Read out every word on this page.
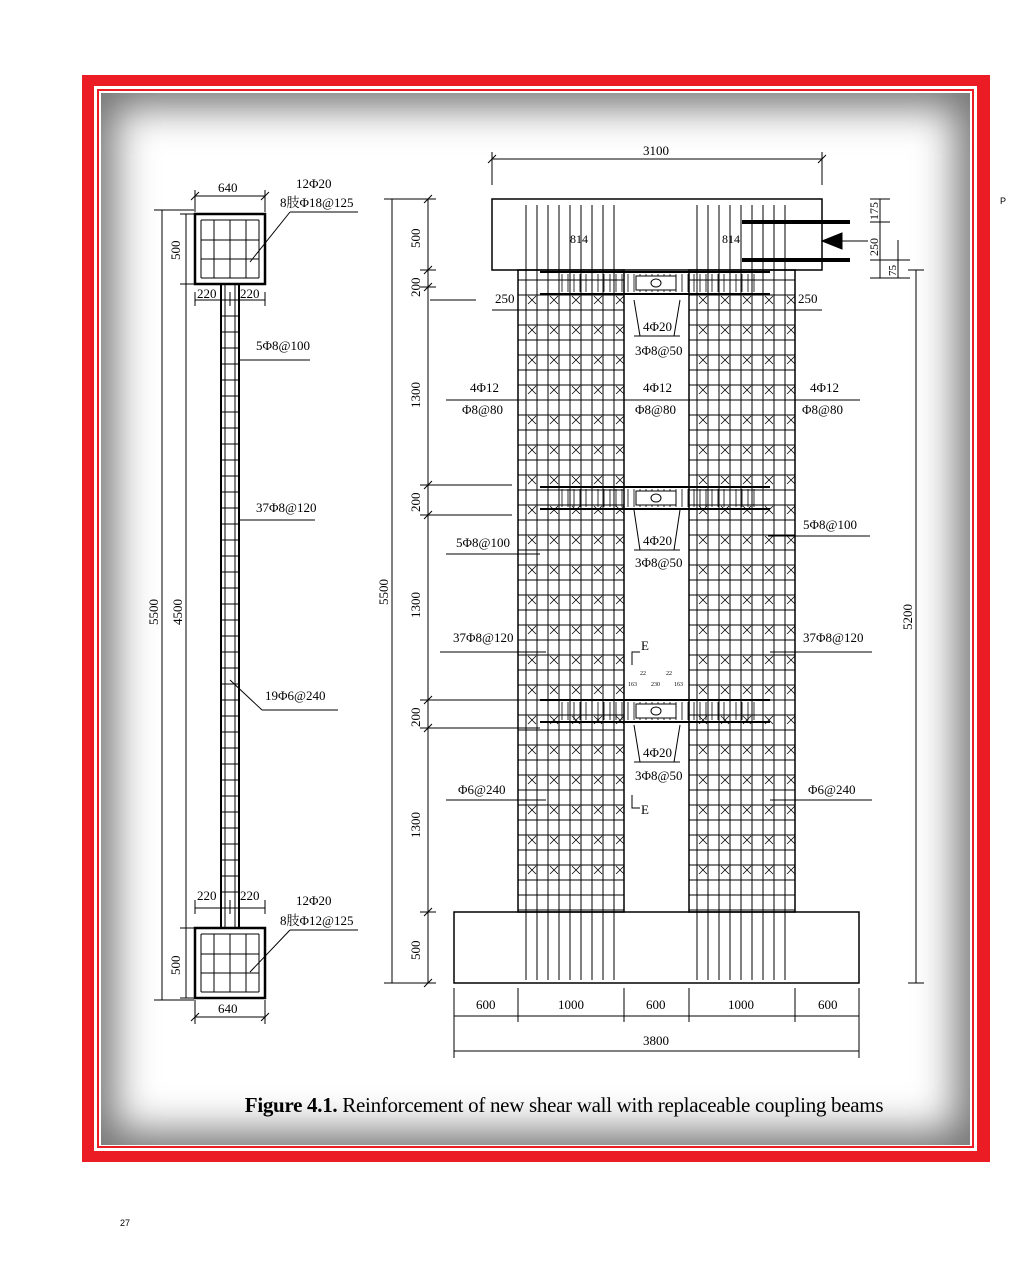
P
640	12Φ20
8肢Φ18@125
500
220 220
5Φ8@100
37Φ8@120
19Φ6@240
220 220	12Φ20
8肢Φ12@125
500
640
5500 4500
3100
814	814
250	250
175
250
75
4Φ20
3Φ8@50
4Φ20
3Φ8@50
4Φ20
3Φ8@50
4Φ12
Φ8@80
4Φ12
Φ8@80
4Φ12
Φ8@80
5Φ8@100
5Φ8@100
37Φ8@120	37Φ8@120
Φ6@240	Φ6@240
E
E
163 230 163
22	22
500
200
1300
200
1300
200
1300
500
5500
5200
600	1000	600	1000	600
3800
Figure 4.1. Reinforcement of new shear wall with replaceable coupling beams
27
